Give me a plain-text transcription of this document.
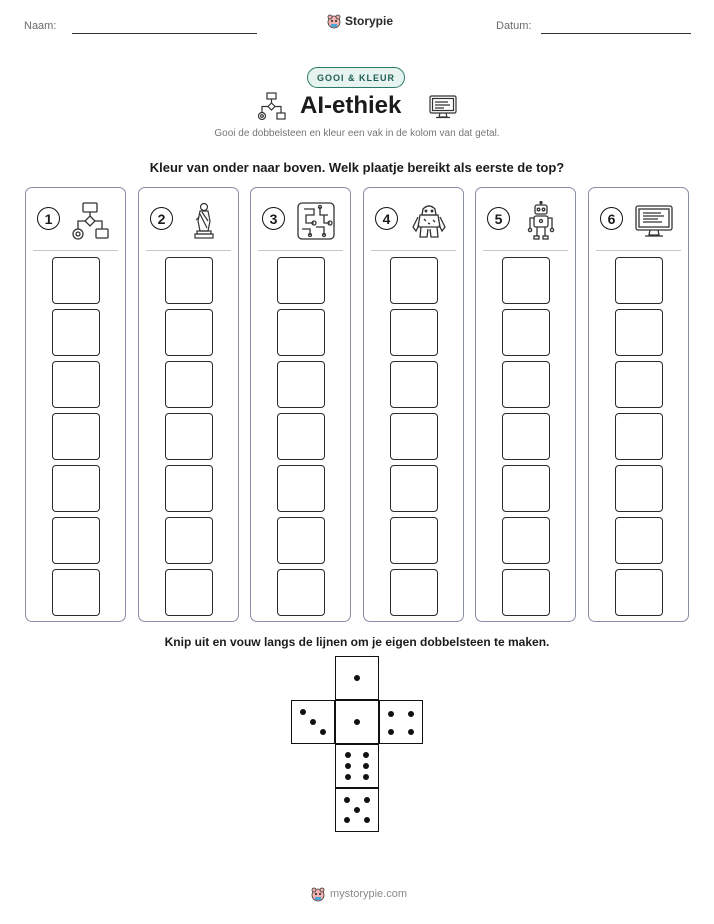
Naam:	Storypie	Datum:
GOOI & KLEUR
AI-ethiek
Gooi de dobbelsteen en kleur een vak in de kolom van dat getal.
Kleur van onder naar boven. Welk plaatje bereikt als eerste de top?
1	2	3	4	5	6
Knip uit en vouw langs de lijnen om je eigen dobbelsteen te maken.
mystorypie.com
